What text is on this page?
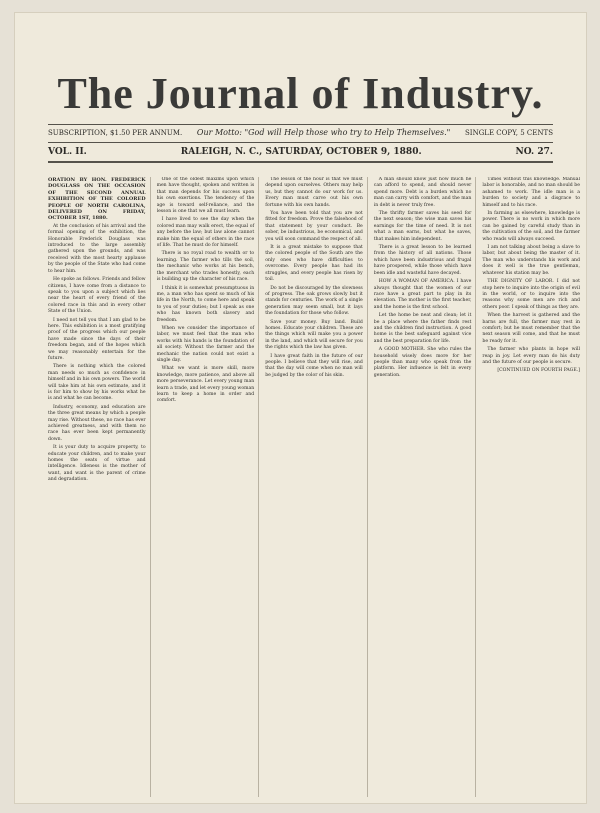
The Journal of Industry.
SUBSCRIPTION, $1.50 PER ANNUM. Our Motto: "God will Help those who try to Help Themselves." SINGLE COPY, 5 CENTS
VOL. II.	RALEIGH, N. C., SATURDAY, OCTOBER 9, 1880.	NO. 27.

ORATION BY HON. FREDERICK DOUGLASS ON THE OCCASION OF THE SECOND ANNUAL EXHIBITION OF THE COLORED PEOPLE OF NORTH CAROLINA, DELIVERED ON FRIDAY, OCTOBER 1ST, 1880.

At the conclusion of his arrival and the formal opening of the exhibition, the Honorable Frederick Douglass was introduced to the large assembly gathered upon the grounds, and was received with the most hearty applause by the people of the State who had come to hear him.

He spoke as follows. Friends and fellow citizens, I have come from a distance to speak to you upon a subject which lies near the heart of every friend of the colored race in this and in every other State of the Union.

I need not tell you that I am glad to be here. This exhibition is a most gratifying proof of the progress which our people have made since the days of their freedom began, and of the hopes which we may reasonably entertain for the future.

There is nothing which the colored man needs so much as confidence in himself and in his own powers. The world will take him at his own estimate, and it is for him to show by his works what he is and what he can become.

Industry, economy, and education are the three great means by which a people may rise. Without these, no race has ever achieved greatness, and with them no race has ever been kept permanently down.

It is your duty to acquire property, to educate your children, and to make your homes the seats of virtue and intelligence. Idleness is the mother of want, and want is the parent of crime and degradation.

One of the oldest maxims upon which men have thought, spoken and written is that man depends for his success upon his own exertions. The tendency of the age is toward self-reliance, and the lesson is one that we all must learn.

I have lived to see the day when the colored man may walk erect, the equal of any before the law; but law alone cannot make him the equal of others in the race of life. That he must do for himself.

There is no royal road to wealth or to learning. The farmer who tills the soil, the mechanic who works at his bench, the merchant who trades honestly, each is building up the character of his race.

I think it is somewhat presumptuous in me, a man who has spent so much of his life in the North, to come here and speak to you of your duties; but I speak as one who has known both slavery and freedom.

When we consider the importance of labor, we must feel that the man who works with his hands is the foundation of all society. Without the farmer and the mechanic the nation could not exist a single day.

What we want is more skill, more knowledge, more patience, and above all more perseverance. Let every young man learn a trade, and let every young woman learn to keep a home in order and comfort.

The lesson of the hour is that we must depend upon ourselves. Others may help us, but they cannot do our work for us. Every man must carve out his own fortune with his own hands.

You have been told that you are not fitted for freedom. Prove the falsehood of that statement by your conduct. Be sober, be industrious, be economical, and you will soon command the respect of all.

It is a great mistake to suppose that the colored people of the South are the only ones who have difficulties to overcome. Every people has had its struggles, and every people has risen by toil.

Do not be discouraged by the slowness of progress. The oak grows slowly but it stands for centuries. The work of a single generation may seem small, but it lays the foundation for those who follow.

Save your money. Buy land. Build homes. Educate your children. These are the things which will make you a power in the land, and which will secure for you the rights which the law has given.

I have great faith in the future of our people. I believe that they will rise, and that the day will come when no man will be judged by the color of his skin.

A man should know just how much he can afford to spend, and should never spend more. Debt is a burden which no man can carry with comfort, and the man in debt is never truly free.

The thrifty farmer saves his seed for the next season; the wise man saves his earnings for the time of need. It is not what a man earns, but what he saves, that makes him independent.

There is a great lesson to be learned from the history of all nations. Those which have been industrious and frugal have prospered, while those which have been idle and wasteful have decayed.

HOW A WOMAN OF AMERICA. I have always thought that the women of our race have a great part to play in its elevation. The mother is the first teacher, and the home is the first school.

Let the home be neat and clean; let it be a place where the father finds rest and the children find instruction. A good home is the best safeguard against vice and the best preparation for life.

A GOOD MOTHER. She who rules the household wisely does more for her people than many who speak from the platform. Her influence is felt in every generation.

Times without this knowledge. Manual labor is honorable, and no man should be ashamed to work. The idle man is a burden to society and a disgrace to himself and to his race.

In farming as elsewhere, knowledge is power. There is no work in which more can be gained by careful study than in the cultivation of the soil, and the farmer who reads will always succeed.

I am not talking about being a slave to labor, but about being the master of it. The man who understands his work and does it well is the true gentleman, whatever his station may be.

THE DIGNITY OF LABOR. I did not stop here to inquire into the origin of evil in the world, or to inquire into the reasons why some men are rich and others poor. I speak of things as they are.

When the harvest is gathered and the barns are full, the farmer may rest in comfort; but he must remember that the next season will come, and that he must be ready for it.

The farmer who plants in hope will reap in joy. Let every man do his duty and the future of our people is secure.

[CONTINUED ON FOURTH PAGE.]
